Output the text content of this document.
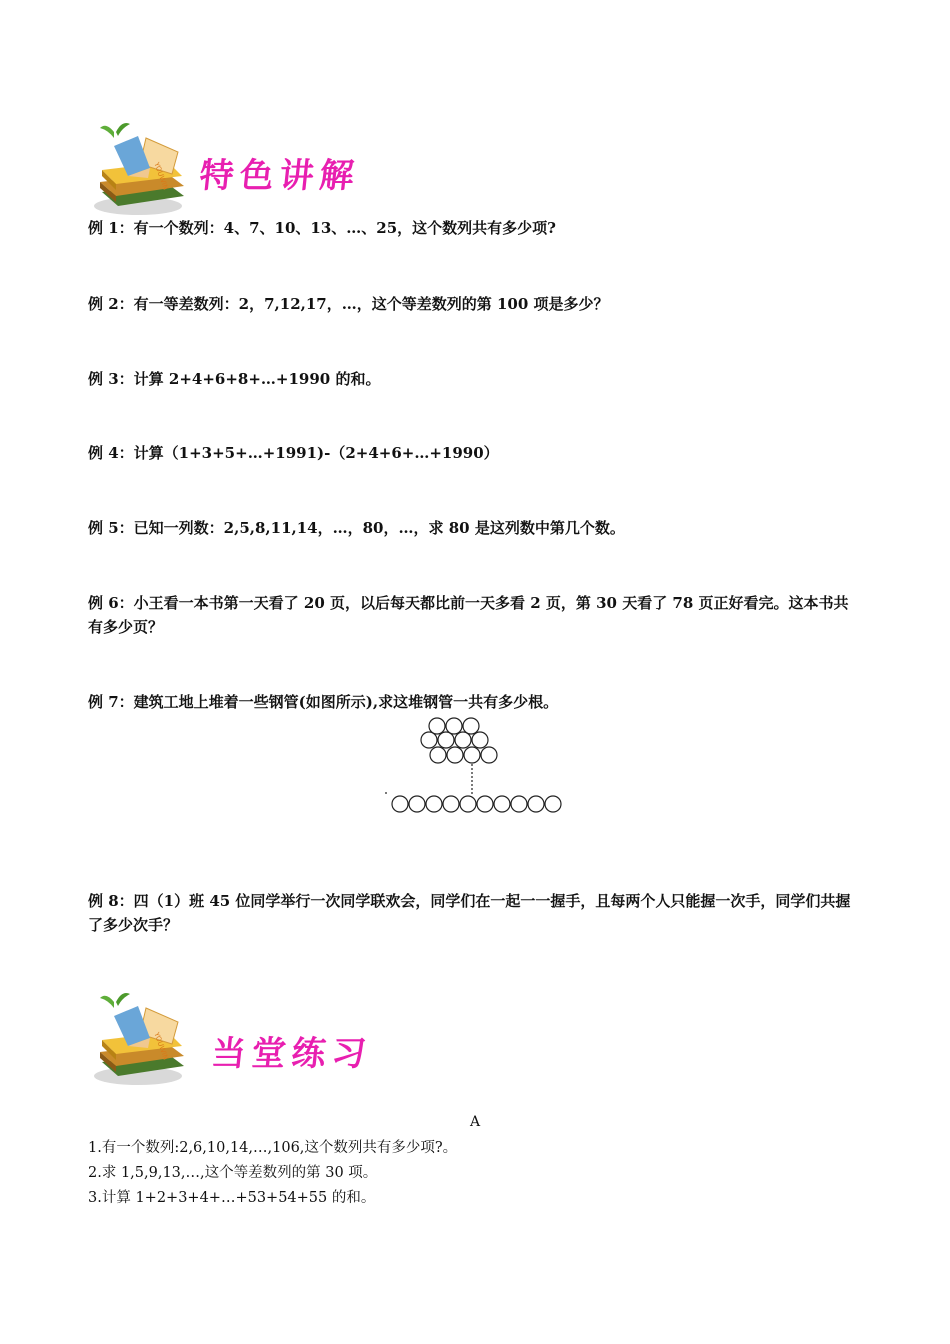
YOUWIN 特色讲解
例 1：有一个数列：4、7、10、13、…、25，这个数列共有多少项?
例 2：有一等差数列：2，7,12,17，…，这个等差数列的第 100 项是多少？
例 3：计算 2+4+6+8+…+1990 的和。
例 4：计算（1+3+5+…+1991)-（2+4+6+…+1990）
例 5：已知一列数：2,5,8,11,14，…，80，…，求 80 是这列数中第几个数。
例 6：小王看一本书第一天看了 20 页，以后每天都比前一天多看 2 页，第 30 天看了 78 页正好看完。这本书共有多少页？
例 7：建筑工地上堆着一些钢管(如图所示),求这堆钢管一共有多少根。
例 8：四（1）班 45 位同学举行一次同学联欢会，同学们在一起一一握手，且每两个人只能握一次手，同学们共握了多少次手？
YOUWIN 当堂练习
A
1.有一个数列:2,6,10,14,…,106,这个数列共有多少项?。
2.求 1,5,9,13,…,这个等差数列的第 30 项。
3.计算 1+2+3+4+…+53+54+55 的和。
